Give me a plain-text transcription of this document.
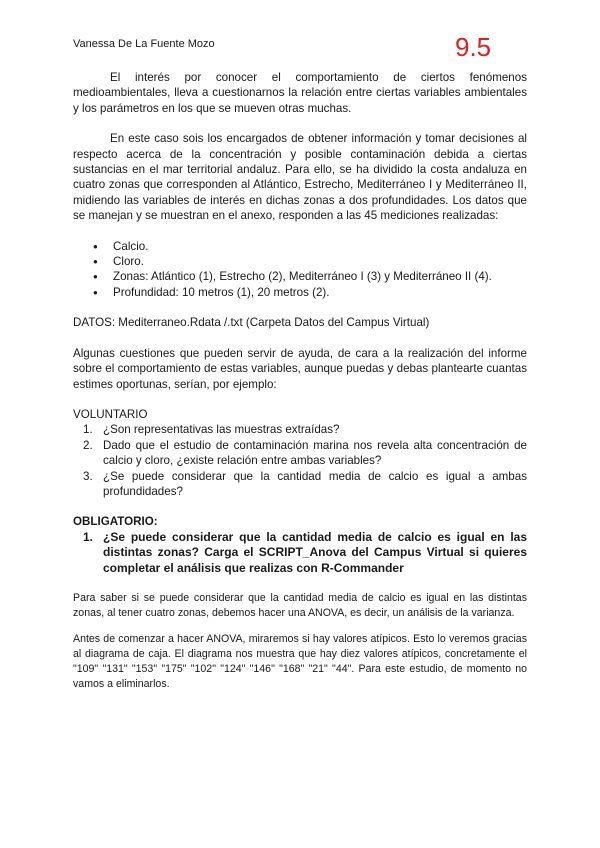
Vanessa De La Fuente Mozo	9.5

El interés por conocer el comportamiento de ciertos fenómenos medioambientales, lleva a cuestionarnos la relación entre ciertas variables ambientales y los parámetros en los que se mueven otras muchas.

En este caso sois los encargados de obtener información y tomar decisiones al respecto acerca de la concentración y posible contaminación debida a ciertas sustancias en el mar territorial andaluz. Para ello, se ha dividido la costa andaluza en cuatro zonas que corresponden al Atlántico, Estrecho, Mediterráneo I y Mediterráneo II, midiendo las variables de interés en dichas zonas a dos profundidades. Los datos que se manejan y se muestran en el anexo, responden a las 45 mediciones realizadas:

● Calcio.
● Cloro.
● Zonas: Atlántico (1), Estrecho (2), Mediterráneo I (3) y Mediterráneo II (4).
● Profundidad: 10 metros (1), 20 metros (2).

DATOS: Mediterraneo.Rdata /.txt (Carpeta Datos del Campus Virtual)

Algunas cuestiones que pueden servir de ayuda, de cara a la realización del informe sobre el comportamiento de estas variables, aunque puedas y debas plantearte cuantas estimes oportunas, serían, por ejemplo:

VOLUNTARIO

1. ¿Son representativas las muestras extraídas?
2. Dado que el estudio de contaminación marina nos revela alta concentración de calcio y cloro, ¿existe relación entre ambas variables?
3. ¿Se puede considerar que la cantidad media de calcio es igual a ambas profundidades?

OBLIGATORIO:

1. ¿Se puede considerar que la cantidad media de calcio es igual en las distintas zonas? Carga el SCRIPT_Anova del Campus Virtual si quieres completar el análisis que realizas con R-Commander

Para saber si se puede considerar que la cantidad media de calcio es igual en las distintas zonas, al tener cuatro zonas, debemos hacer una ANOVA, es decir, un análisis de la varianza.

Antes de comenzar a hacer ANOVA, miraremos si hay valores atípicos. Esto lo veremos gracias al diagrama de caja. El diagrama nos muestra que hay diez valores atípicos, concretamente el "109" "131" "153" "175" "102" "124" "146" "168" "21" "44". Para este estudio, de momento no vamos a eliminarlos.
